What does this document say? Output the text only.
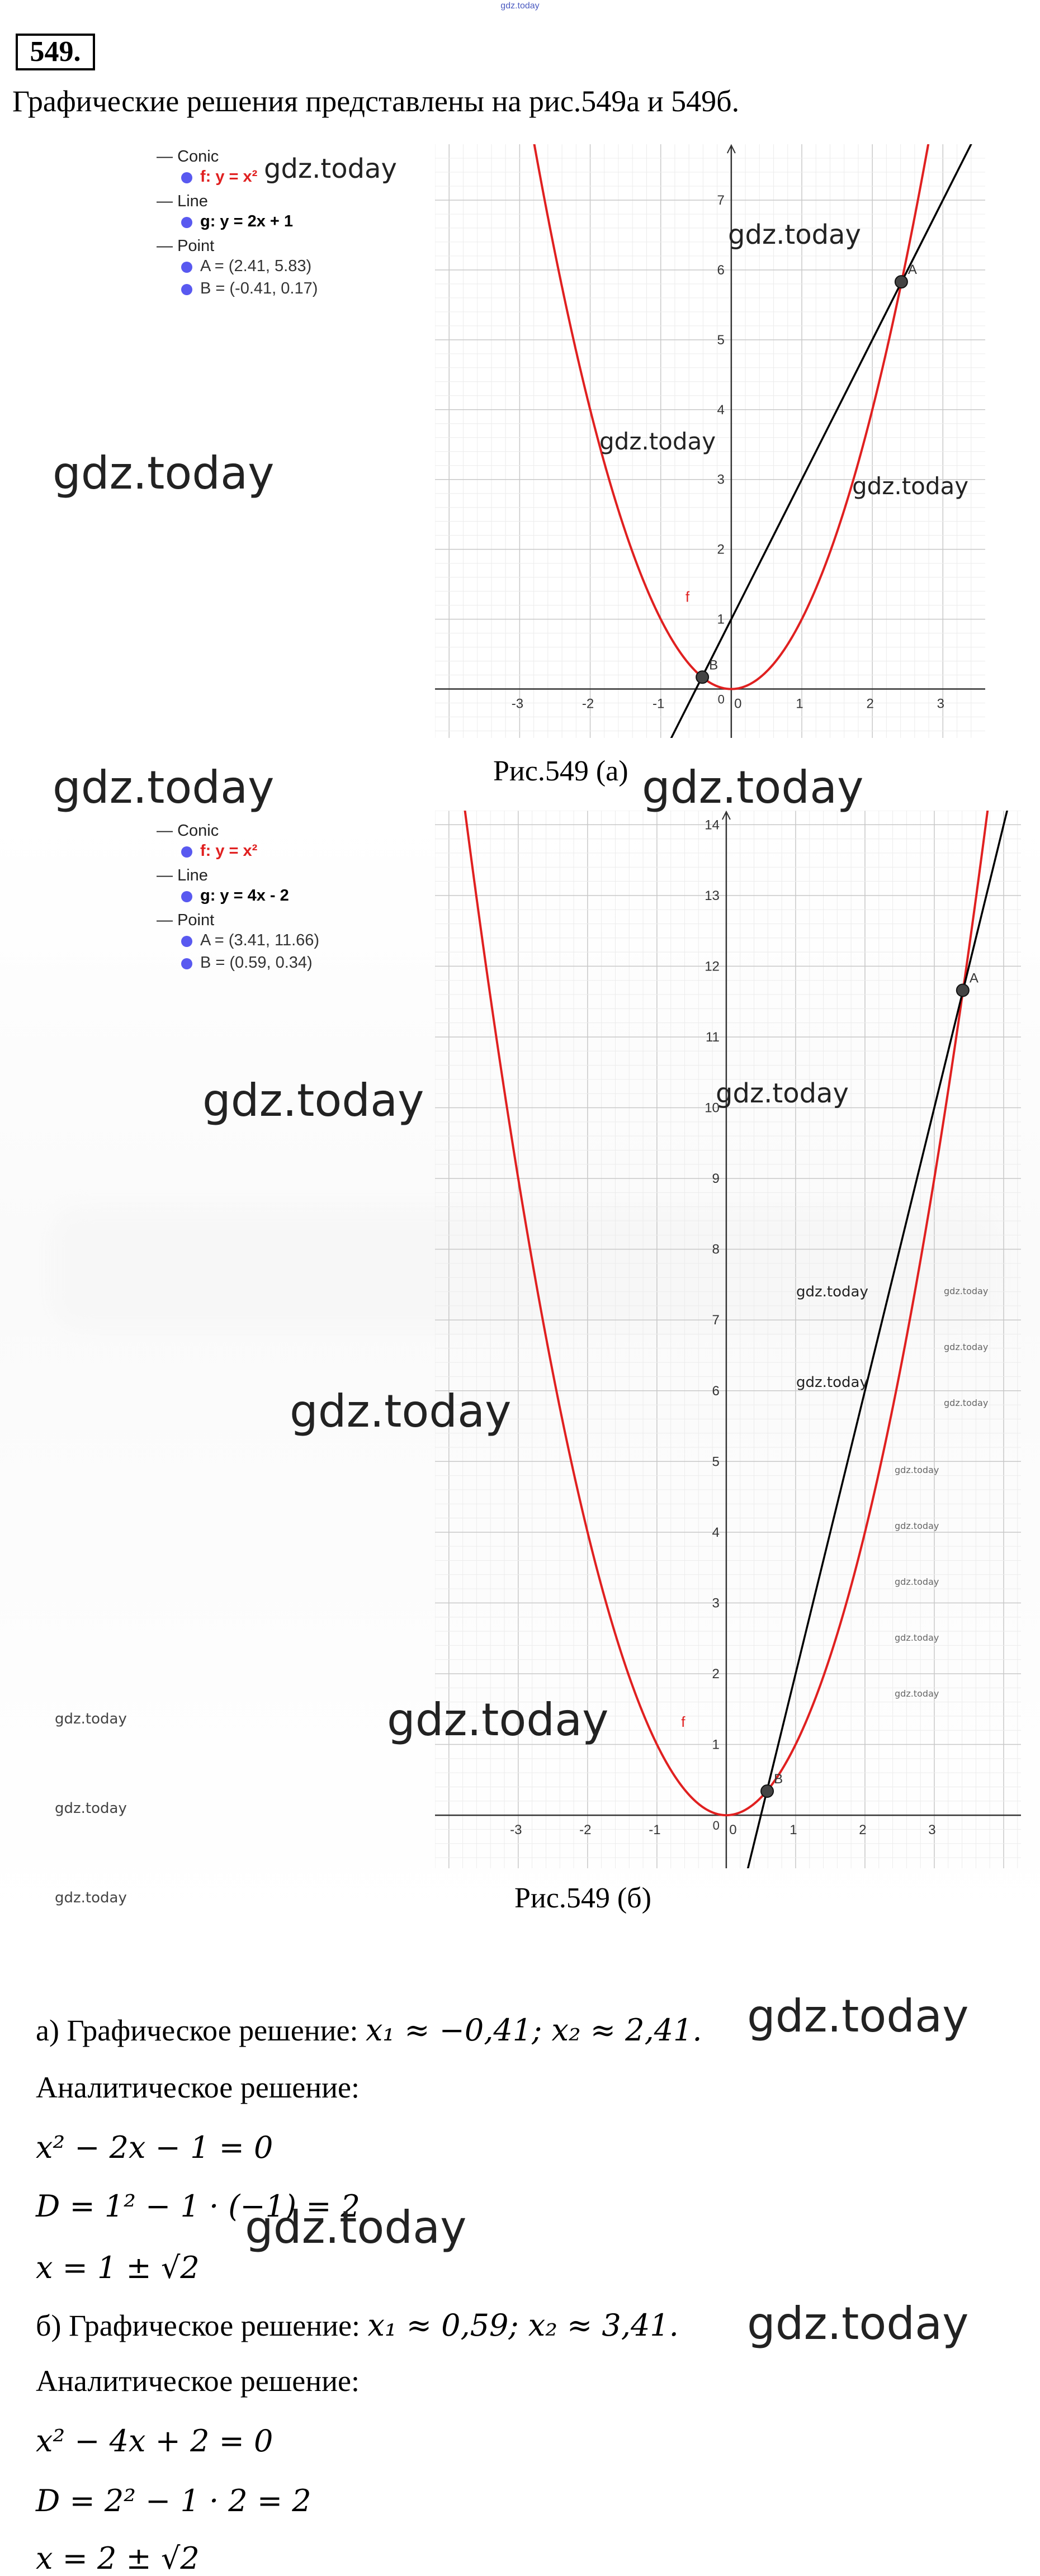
gdz.today
549.
Графические решения представлены на рис.549а и 549б.
— Conic
f: y = x²
— Line
g: y = 2x + 1
— Point
A = (2.41, 5.83)
B = (-0.41, 0.17)
-3	-2	-1	0	1	2	3
1
2
3
4
5
6
7
0
f
A
B
Рис.549 (а)
— Conic
f: y = x²
— Line
g: y = 4x - 2
— Point
A = (3.41, 11.66)
B = (0.59, 0.34)
-3	-2	-1	0	1	2	3
1
2
3
4
5
6
7
8
9
10
11
12
13
14
0
f
A
B
Рис.549 (б)
а) Графическое решение: x₁ ≈ −0,41; x₂ ≈ 2,41.
Аналитическое решение:
x² − 2x − 1 = 0
D = 1² − 1 · (−1) = 2
x = 1 ± √2
б) Графическое решение: x₁ ≈ 0,59; x₂ ≈ 3,41.
Аналитическое решение:
x² − 4x + 2 = 0
D = 2² − 1 · 2 = 2
x = 2 ± √2
gdz.today
gdz.today
gdz.today
gdz.today
gdz.today
gdz.today	gdz.today
gdz.today	gdz.today
gdz.today
gdz.today
gdz.today
gdz.today
gdz.today
gdz.today
gdz.today
gdz.today
gdz.today
gdz.today
gdz.today
gdz.today
gdz.today
gdz.today
gdz.today
gdz.today
gdz.today
gdz.today
